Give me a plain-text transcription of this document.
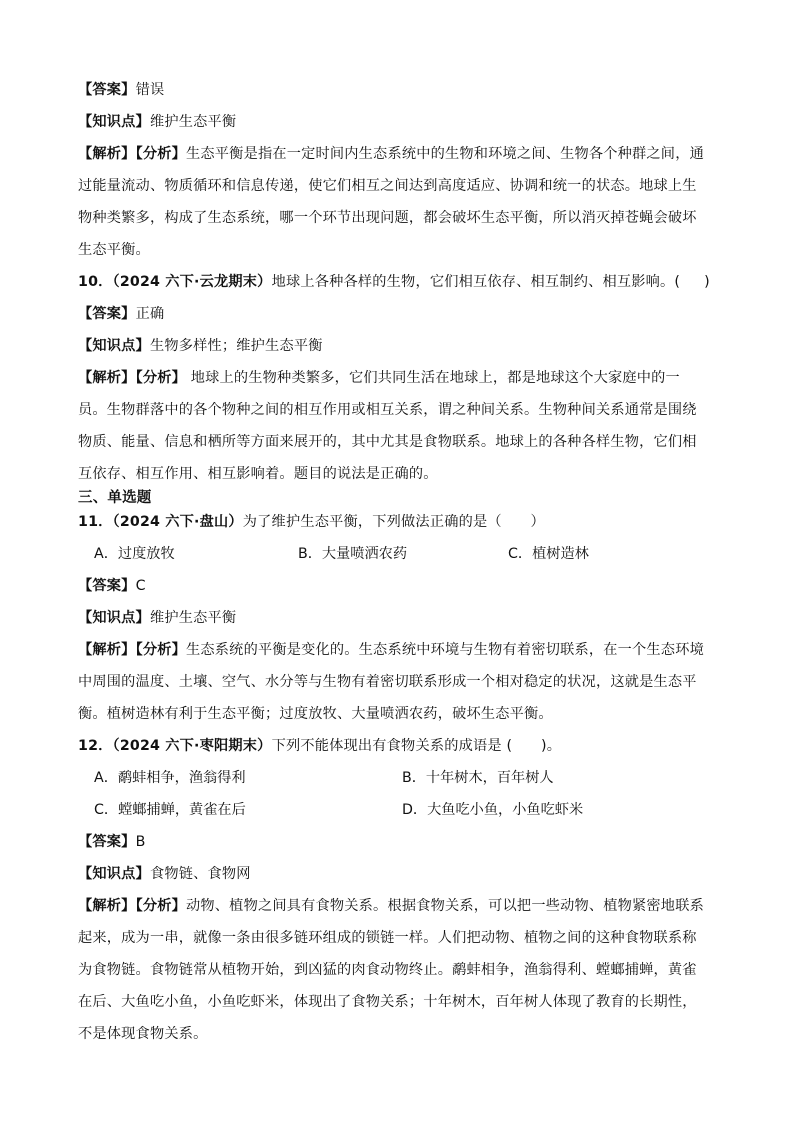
【答案】错误
【知识点】维护生态平衡
【解析】【分析】生态平衡是指在一定时间内生态系统中的生物和环境之间、生物各个种群之间，通
过能量流动、物质循环和信息传递，使它们相互之间达到高度适应、协调和统一的状态。地球上生
物种类繁多，构成了生态系统，哪一个环节出现问题，都会破坏生态平衡，所以消灭掉苍蝇会破坏
生态平衡。
10．（2024 六下·云龙期末）地球上各种各样的生物，它们相互依存、相互制约、相互影响。( )
【答案】正确
【知识点】生物多样性；维护生态平衡
【解析】【分析】 地球上的生物种类繁多，它们共同生活在地球上，都是地球这个大家庭中的一
员。生物群落中的各个物种之间的相互作用或相互关系，谓之种间关系。生物种间关系通常是围绕
物质、能量、信息和栖所等方面来展开的，其中尤其是食物联系。地球上的各种各样生物，它们相
互依存、相互作用、相互影响着。题目的说法是正确的。
三、单选题
11．（2024 六下·盘山）为了维护生态平衡，下列做法正确的是（　　）
A．过度放牧	B．大量喷洒农药	C．植树造林
【答案】C
【知识点】维护生态平衡
【解析】【分析】生态系统的平衡是变化的。生态系统中环境与生物有着密切联系，在一个生态环境
中周围的温度、土壤、空气、水分等与生物有着密切联系形成一个相对稳定的状况，这就是生态平
衡。植树造林有利于生态平衡；过度放牧、大量喷洒农药，破坏生态平衡。
12．（2024 六下·枣阳期末）下列不能体现出有食物关系的成语是 (　　)。
A．鹬蚌相争，渔翁得利	B．十年树木，百年树人
C．螳螂捕蝉，黄雀在后	D．大鱼吃小鱼，小鱼吃虾米
【答案】B
【知识点】食物链、食物网
【解析】【分析】动物、植物之间具有食物关系。根据食物关系，可以把一些动物、植物紧密地联系
起来，成为一串，就像一条由很多链环组成的锁链一样。人们把动物、植物之间的这种食物联系称
为食物链。食物链常从植物开始，到凶猛的肉食动物终止。鹬蚌相争，渔翁得利、螳螂捕蝉，黄雀
在后、大鱼吃小鱼，小鱼吃虾米，体现出了食物关系；十年树木，百年树人体现了教育的长期性，
不是体现食物关系。
